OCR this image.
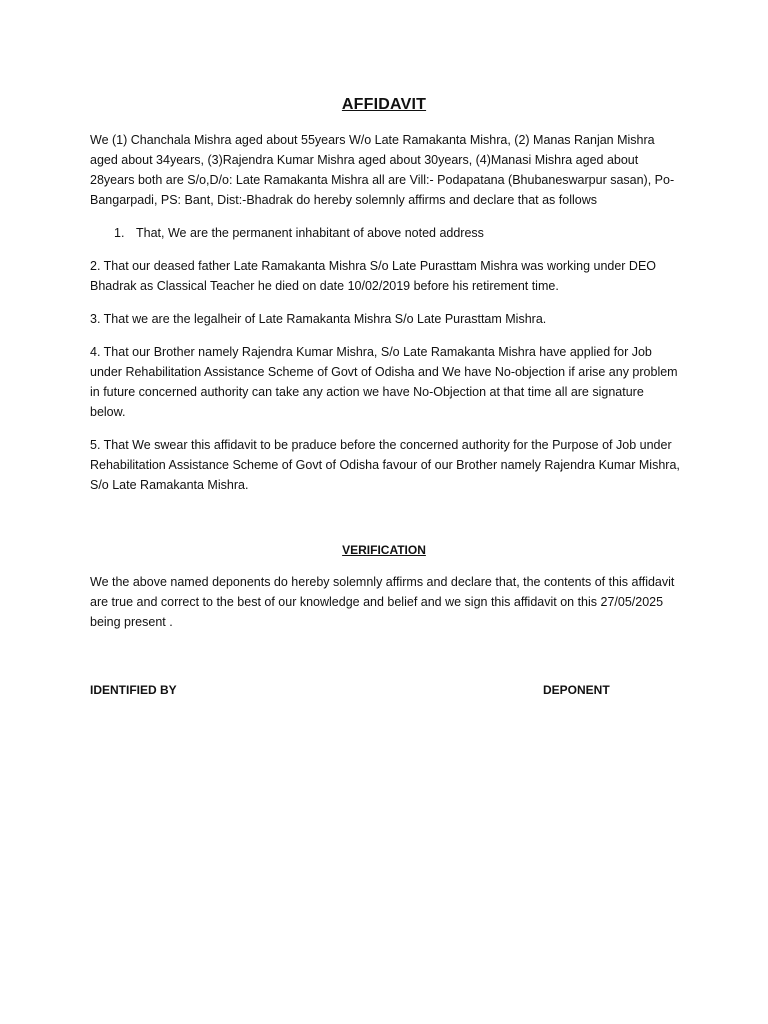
AFFIDAVIT

We (1) Chanchala Mishra aged about 55years W/o Late Ramakanta Mishra, (2) Manas Ranjan Mishra aged about 34years, (3)Rajendra Kumar Mishra aged about 30years, (4)Manasi Mishra aged about 28years both are S/o,D/o: Late Ramakanta Mishra all are Vill:- Podapatana (Bhubaneswarpur sasan), Po- Bangarpadi, PS: Bant, Dist:-Bhadrak do hereby solemnly affirms and declare that as follows

1. That, We are the permanent inhabitant of above noted address

2. That our deased father Late Ramakanta Mishra S/o Late Purasttam Mishra was working under DEO Bhadrak as Classical Teacher he died on date 10/02/2019 before his retirement time.

3. That we are the legalheir of Late Ramakanta Mishra S/o Late Purasttam Mishra.

4. That our Brother namely Rajendra Kumar Mishra, S/o Late Ramakanta Mishra have applied for Job under Rehabilitation Assistance Scheme of Govt of Odisha and We have No-objection if arise any problem in future concerned authority can take any action we have No-Objection at that time all are signature below.

5. That We swear this affidavit to be praduce before the concerned authority for the Purpose of Job under Rehabilitation Assistance Scheme of Govt of Odisha favour of our Brother namely Rajendra Kumar Mishra, S/o Late Ramakanta Mishra.

VERIFICATION

We the above named deponents do hereby solemnly affirms and declare that, the contents of this affidavit are true and correct to the best of our knowledge and belief and we sign this affidavit on this 27/05/2025 being present .

IDENTIFIED BY	DEPONENT
